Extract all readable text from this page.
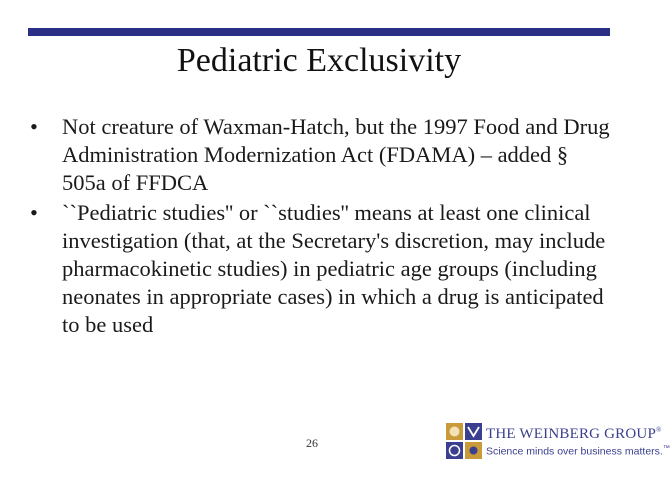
Pediatric Exclusivity
•	Not creature of Waxman-Hatch, but the 1997 Food and Drug Administration Modernization Act (FDAMA) – added § 505a of FFDCA
•	``Pediatric studies'' or ``studies'' means at least one clinical investigation (that, at the Secretary's discretion, may include pharmacokinetic studies) in pediatric age groups (including neonates in appropriate cases) in which a drug is anticipated to be used
26
THE WEINBERG GROUP®
Science minds over business matters.™
